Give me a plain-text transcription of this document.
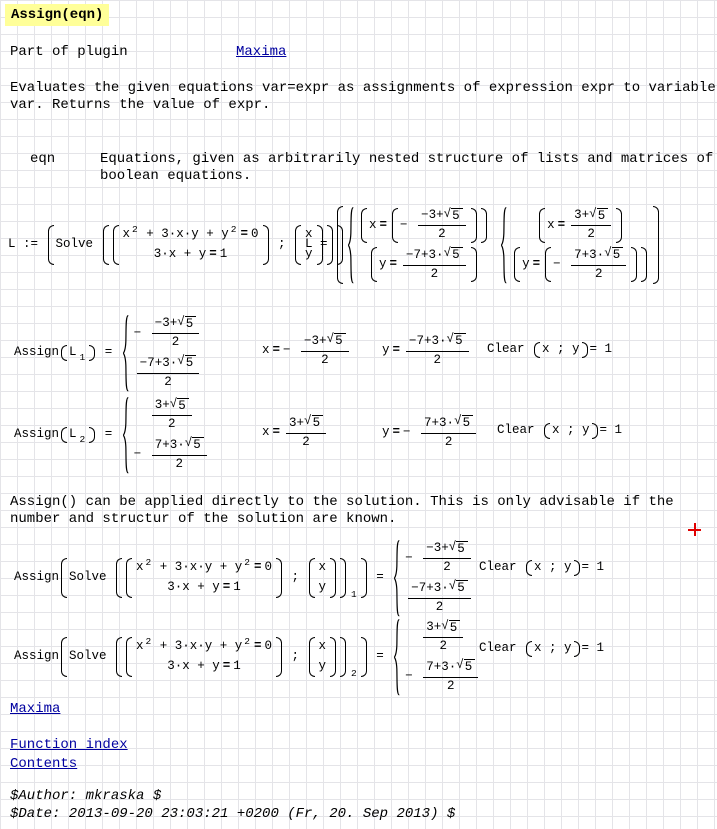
Assign(eqn)
Part of plugin	Maxima
Evaluates the given equations var=expr as assignments of expression expr to variable
var. Returns the value of expr.
eqn	Equations, given as arbitrarily nested structure of lists and matrices of
boolean equations.
L := Solve
x 2 + 3·x·y + y 2 = 0
3·x + y = 1
;
x
y
L =
x = − $\frac{-3+ √ 5}{2}$
$y = \frac{-7+3\cdot √ 5}{2}$

$x = \frac{3+ √ 5}{2}$
y = − $\frac{7+3\cdot √ 5}{2}$
Assign L 1 =
− $\frac{-3+ √ 5}{2}$
−7+3· √ 5
2
x = − $\frac{-3+ √ 5}{2}$	$y = \frac{-7+3\cdot √ 5}{2}$ Clear x ; y = 1
Assign L 2 =
3+ √ 5
2
− $\frac{7+3\cdot √ 5}{2}$
$x = \frac{3+ √ 5}{2}$	y = − $\frac{7+3\cdot √ 5}{2}$ Clear x ; y = 1
Assign() can be applied directly to the solution. This is only advisable if the
number and structur of the solution are known.
Assign Solve
x 2 + 3·x·y + y 2 = 0
3·x + y = 1
;
x
y
1
=
− $\frac{-3+ √ 5}{2}$
−7+3· √ 5
2
Clear x ; y = 1
Assign Solve
x 2 + 3·x·y + y 2 = 0
3·x + y = 1
;
x
y
2
=
3+ √ 5
2
− $\frac{7+3\cdot √ 5}{2}$
Clear x ; y = 1
Maxima
Function index
Contents
$Author: mkraska $
$Date: 2013-09-20 23:03:21 +0200 (Fr, 20. Sep 2013) $
